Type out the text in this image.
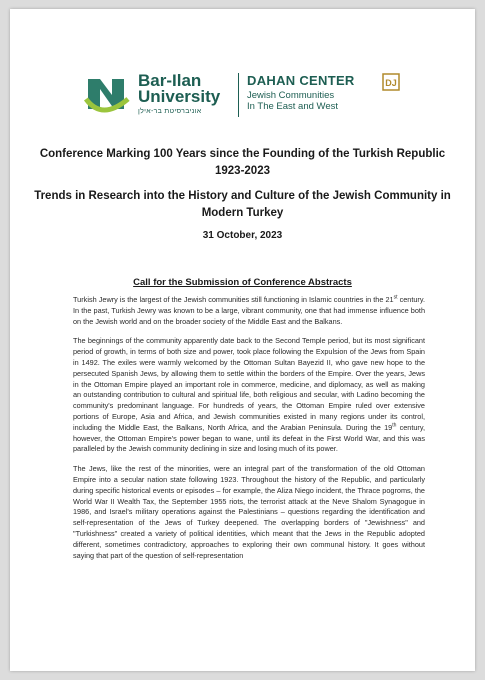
Bar-Ilan
University
אוניברסיטת בר-אילן
DAHAN CENTER
Jewish Communities
In The East and West
DJ
Conference Marking 100 Years since the Founding of the Turkish Republic 1923-2023
Trends in Research into the History and Culture of the Jewish Community in Modern Turkey
31 October, 2023
Call for the Submission of Conference Abstracts

Turkish Jewry is the largest of the Jewish communities still functioning in Islamic countries in the 21st century. In the past, Turkish Jewry was known to be a large, vibrant community, one that had immense influence both on the Jewish world and on the broader society of the Middle East and the Balkans.

The beginnings of the community apparently date back to the Second Temple period, but its most significant period of growth, in terms of both size and power, took place following the Expulsion of the Jews from Spain in 1492. The exiles were warmly welcomed by the Ottoman Sultan Bayezid II, who gave new hope to the persecuted Spanish Jews, by allowing them to settle within the borders of the Empire. Over the years, Jews in the Ottoman Empire played an important role in commerce, medicine, and diplomacy, as well as making an outstanding contribution to cultural and spiritual life, both religious and secular, with Ladino becoming the community's predominant language. For hundreds of years, the Ottoman Empire ruled over extensive portions of Europe, Asia and Africa, and Jewish communities existed in many regions under its control, including the Middle East, the Balkans, North Africa, and the Arabian Peninsula. During the 19th century, however, the Ottoman Empire's power began to wane, until its defeat in the First World War, and this was paralleled by the Jewish community declining in size and losing much of its power.

The Jews, like the rest of the minorities, were an integral part of the transformation of the old Ottoman Empire into a secular nation state following 1923. Throughout the history of the Republic, and particularly during specific historical events or episodes – for example, the Aliza Niego incident, the Thrace pogroms, the World War II Wealth Tax, the September 1955 riots, the terrorist attack at the Neve Shalom Synagogue in 1986, and Israel's military operations against the Palestinians – questions regarding the identification and self-representation of the Jews of Turkey deepened. The overlapping borders of "Jewishness" and "Turkishness" created a variety of political identities, which meant that the Jews in the Republic adopted different, sometimes contradictory, approaches to exploring their own communal history. It goes without saying that part of the question of self-representation
